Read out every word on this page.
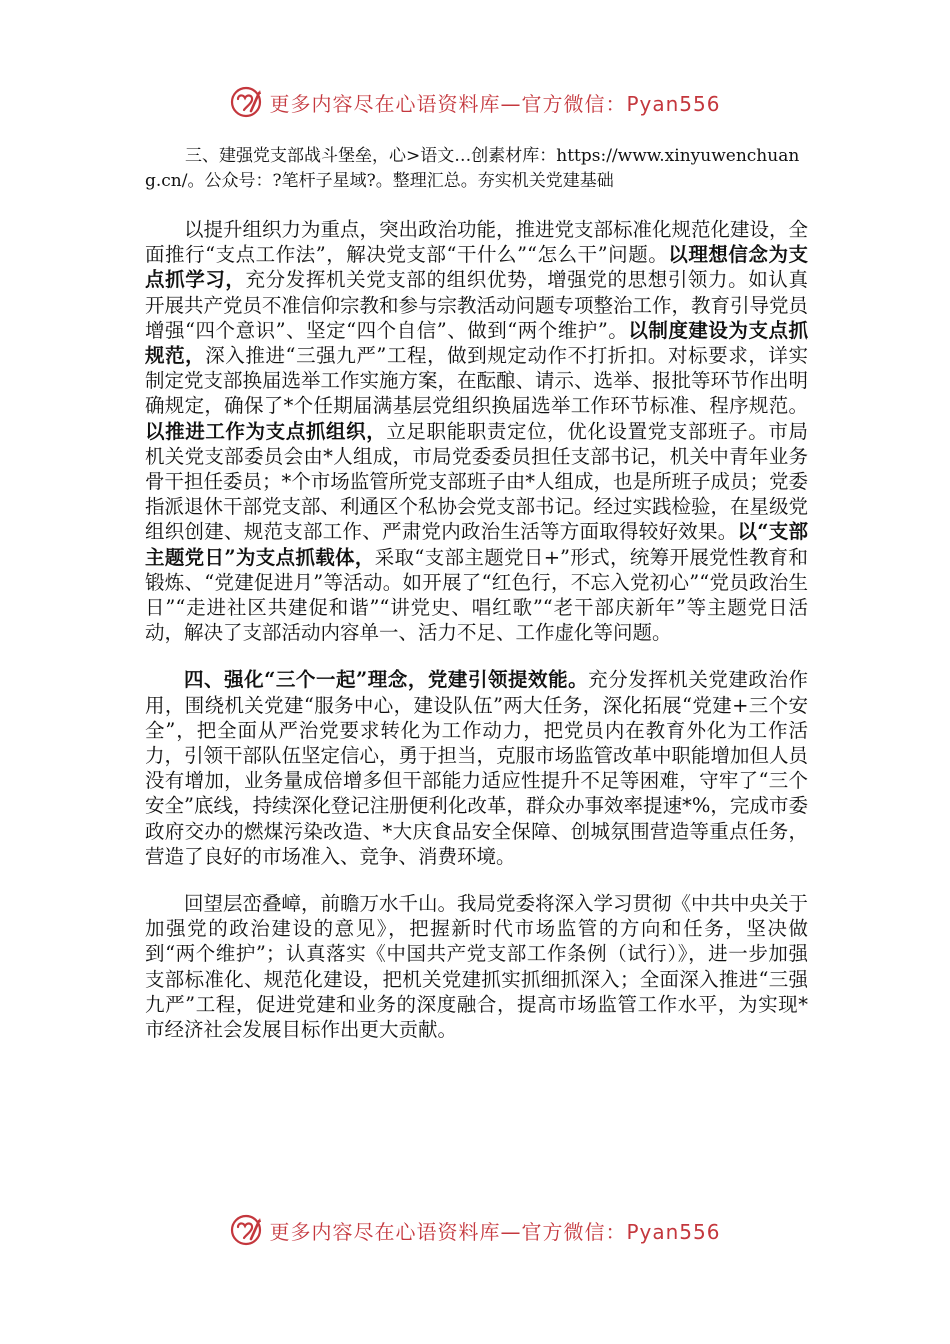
更多内容尽在心语资料库—官方微信：Pyan556
三、建强党支部战斗堡垒，心>语文…创素材库：https://www.xinyuwenchuang.cn/。公众号：?笔杆子星域?。整理汇总。夯实机关党建基础

以提升组织力为重点，突出政治功能，推进党支部标准化规范化建设，全面推行“支点工作法”，解决党支部“干什么”“怎么干”问题。以理想信念为支点抓学习，充分发挥机关党支部的组织优势，增强党的思想引领力。如认真开展共产党员不准信仰宗教和参与宗教活动问题专项整治工作，教育引导党员增强“四个意识”、坚定“四个自信”、做到“两个维护”。以制度建设为支点抓规范，深入推进“三强九严”工程，做到规定动作不打折扣。对标要求，详实制定党支部换届选举工作实施方案，在酝酿、请示、选举、报批等环节作出明确规定，确保了*个任期届满基层党组织换届选举工作环节标准、程序规范。以推进工作为支点抓组织，立足职能职责定位，优化设置党支部班子。市局机关党支部委员会由*人组成，市局党委委员担任支部书记，机关中青年业务骨干担任委员；*个市场监管所党支部班子由*人组成，也是所班子成员；党委指派退休干部党支部、利通区个私协会党支部书记。经过实践检验，在星级党组织创建、规范支部工作、严肃党内政治生活等方面取得较好效果。以“支部主题党日”为支点抓载体，采取“支部主题党日+”形式，统筹开展党性教育和锻炼、“党建促进月”等活动。如开展了“红色行，不忘入党初心”“党员政治生日”“走进社区共建促和谐”“讲党史、唱红歌”“老干部庆新年”等主题党日活动，解决了支部活动内容单一、活力不足、工作虚化等问题。

四、强化“三个一起”理念，党建引领提效能。充分发挥机关党建政治作用，围绕机关党建“服务中心，建设队伍”两大任务，深化拓展“党建+三个安全”，把全面从严治党要求转化为工作动力，把党员内在教育外化为工作活力，引领干部队伍坚定信心，勇于担当，克服市场监管改革中职能增加但人员没有增加，业务量成倍增多但干部能力适应性提升不足等困难，守牢了“三个安全”底线，持续深化登记注册便利化改革，群众办事效率提速*%，完成市委政府交办的燃煤污染改造、*大庆食品安全保障、创城氛围营造等重点任务，营造了良好的市场准入、竞争、消费环境。

回望层峦叠嶂，前瞻万水千山。我局党委将深入学习贯彻《中共中央关于加强党的政治建设的意见》，把握新时代市场监管的方向和任务，坚决做到“两个维护”；认真落实《中国共产党支部工作条例（试行）》，进一步加强支部标准化、规范化建设，把机关党建抓实抓细抓深入；全面深入推进“三强九严”工程，促进党建和业务的深度融合，提高市场监管工作水平，为实现*市经济社会发展目标作出更大贡献。

更多内容尽在心语资料库—官方微信：Pyan556
